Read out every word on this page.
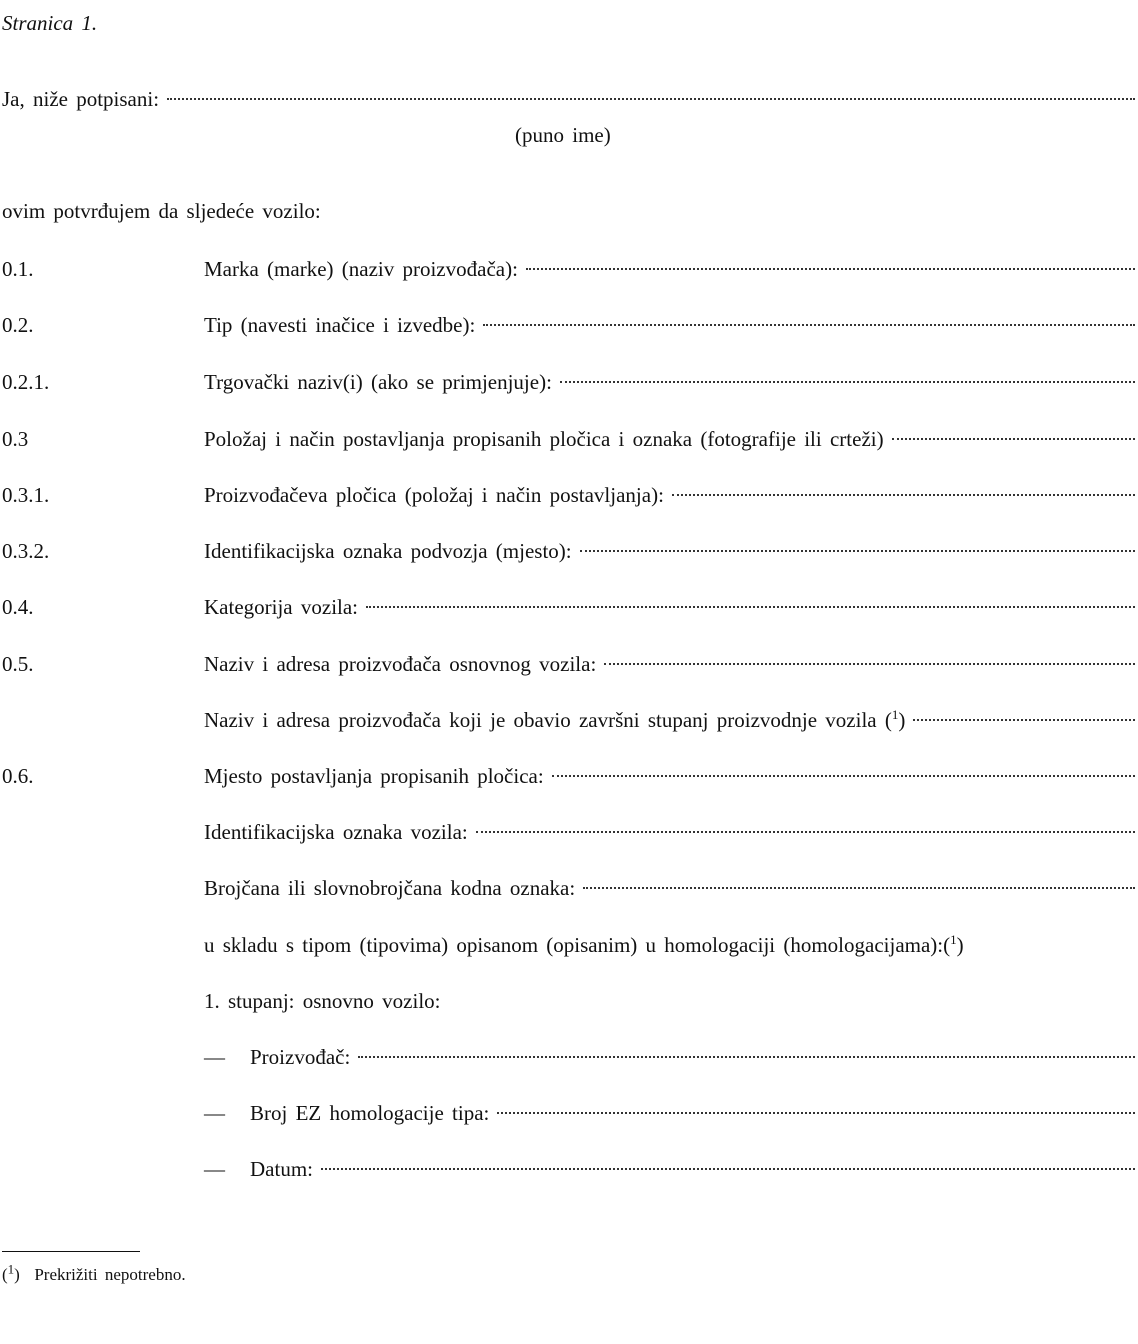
Stranica 1.
Ja, niže potpisani:
(puno ime)
ovim potvrđujem da sljedeće vozilo:
0.1.	Marka (marke) (naziv proizvođača):
0.2.	Tip (navesti inačice i izvedbe):
0.2.1.	Trgovački naziv(i) (ako se primjenjuje):
0.3	Položaj i način postavljanja propisanih pločica i oznaka (fotografije ili crteži)
0.3.1.	Proizvođačeva pločica (položaj i način postavljanja):
0.3.2.	Identifikacijska oznaka podvozja (mjesto):
0.4.	Kategorija vozila:
0.5.	Naziv i adresa proizvođača osnovnog vozila:
Naziv i adresa proizvođača koji je obavio završni stupanj proizvodnje vozila ($^1$)
0.6.	Mjesto postavljanja propisanih pločica:
Identifikacijska oznaka vozila:
Brojčana ili slovnobrojčana kodna oznaka:
u skladu s tipom (tipovima) opisanom (opisanim) u homologaciji (homologacijama):($^1$)
1. stupanj: osnovno vozilo:
—	Proizvođač:
—	Broj EZ homologacije tipa:
—	Datum:
($^1$) Prekrižiti nepotrebno.
